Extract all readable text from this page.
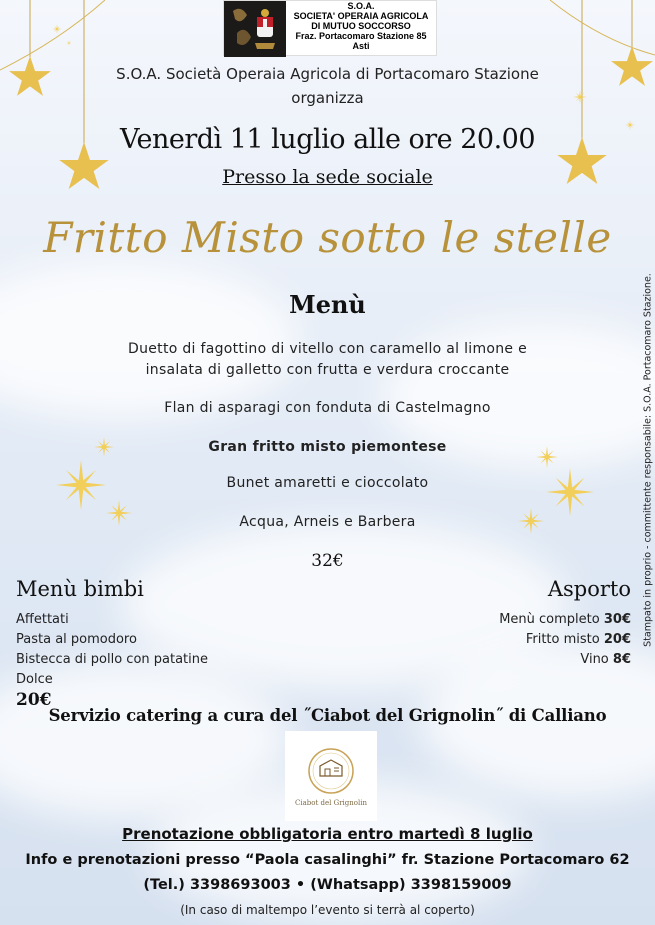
S.O.A.
SOCIETA' OPERAIA AGRICOLA
DI MUTUO SOCCORSO
Fraz. Portacomaro Stazione 85
Asti
S.O.A. Società Operaia Agricola di Portacomaro Stazione
organizza
Venerdì 11 luglio alle ore 20.00
Presso la sede sociale
Fritto Misto sotto le stelle
Menù
Duetto di fagottino di vitello con caramello al limone e
insalata di galletto con frutta e verdura croccante
Flan di asparagi con fonduta di Castelmagno
Gran fritto misto piemontese
Bunet amaretti e cioccolato
Acqua, Arneis e Barbera
32€
Menù bimbi
Affettati
Pasta al pomodoro
Bistecca di pollo con patatine
Dolce
20€
Asporto
Menù completo 30€
Fritto misto 20€
Vino 8€
Servizio catering a cura del ˝Ciabot del Grignolin˝ di Calliano
Ciabot del Grignolin
Prenotazione obbligatoria entro martedì 8 luglio
Info e prenotazioni presso “Paola casalinghi” fr. Stazione Portacomaro 62
(Tel.) 3398693003 • (Whatsapp) 3398159009
(In caso di maltempo l’evento si terrà al coperto)
Stampato in proprio - committente responsabile: S.O.A. Portacomaro Stazione.
